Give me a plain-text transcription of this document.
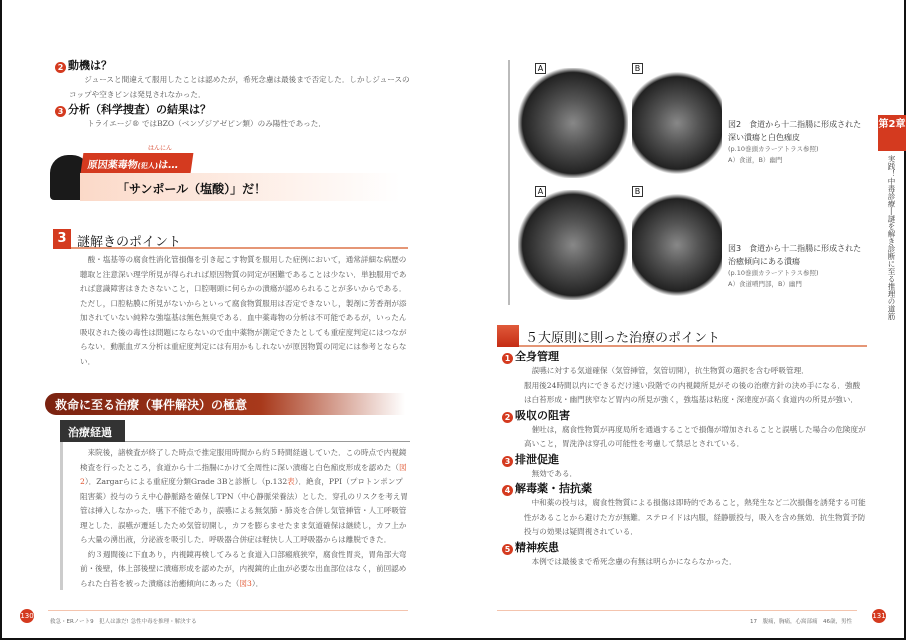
2 動機は？
ジュースと間違えて服用したことは認めたが，希死念慮は最後まで否定した．しかしジュースのコップや空きビンは発見されなかった．
3 分析（科学捜査）の結果は？
トライエージ® ではBZO（ベンゾジアゼピン類）のみ陽性であった．
原因薬毒物(犯人)は…
はんにん
「サンポール（塩酸）」だ！
3 謎解きのポイント
酸・塩基等の腐食性消化管損傷を引き起こす物質を服用した症例において，通常詳細な病歴の聴取と注意深い理学所見が得られれば原因物質の同定が困難であることは少ない．単独服用であれば意識障害はきたさないこと，口腔咽頭に何らかの潰瘍が認められることが多いからである．ただし，口腔粘膜に所見がないからといって腐食物質服用は否定できないし，製剤に芳香剤が添加されていない純粋な強塩基は無色無臭である．血中薬毒物の分析は不可能であるが，いったん吸収された後の毒性は問題にならないので血中薬物が測定できたとしても重症度判定にはつながらない．動脈血ガス分析は重症度判定には有用かもしれないが原因物質の同定には参考とならない．
救命に至る治療（事件解決）の極意
治療経過
来院後，諸検査が終了した時点で推定服用時間から約５時間経過していた．この時点で内視鏡検査を行ったところ，食道から十二指腸にかけて全周性に深い潰瘍と白色痂皮形成を認めた（図2）．Zargarらによる重症度分類Grade 3Bと診断し（p.132表）．絶食，PPI（プロトンポンプ阻害薬）投与のうえ中心静脈路を確保しTPN（中心静脈栄養法）とした．穿孔のリスクを考え胃管は挿入しなかった．嚥下不能であり，誤嚥による無気肺・肺炎を合併し気管挿管・人工呼吸管理とした．誤嚥が遷延したため気管切開し，カフを膨らませたまま気道確保は継続し，カフ上から大量の湧出液，分泌液を吸引した．呼吸器合併症は軽快し人工呼吸器からは離脱できた．
約３週間後に下血あり，内視鏡再検してみると食道入口部瘢痕狭窄，腐食性胃炎，胃角部大弯前・後壁，体上部後壁に潰瘍形成を認めたが，内視鏡的止血が必要な出血部位はなく，前回認められた白苔を被った潰瘍は治癒傾向にあった（図3）．
130
救急・ERノート9　犯人は誰だ! 急性中毒を推理・解決する
A	B
図2　食道から十二指腸に形成された深い潰瘍と白色痂皮
(p.10巻頭カラーアトラス参照)
A）食道，B）幽門
A	B
図3　食道から十二指腸に形成された治癒傾向にある潰瘍
(p.10巻頭カラーアトラス参照)
A）食道噴門部，B）幽門
第2章
実践！中毒診療―謎を解き診断に至る推理の道筋
５大原則に則った治療のポイント
1 全身管理
誤嚥に対する気道確保（気管挿管，気管切開），抗生物質の選択を含む呼吸管理．
服用後24時間以内にできるだけ速い段階での内視鏡所見がその後の治療方針の決め手になる．強酸は白苔形成・幽門狭窄など胃内の所見が強く，強塩基は粘度・深達度が高く食道内の所見が強い．
2 吸収の阻害
催吐は，腐食性物質が再度局所を通過することで損傷が増加されることと誤嚥した場合の危険度が高いこと，胃洗浄は穿孔の可能性を考慮して禁忌とされている．
3 排泄促進
無効である．
4 解毒薬・拮抗薬
中和薬の投与は，腐食性物質による損傷は即時的であること，熱発生など二次損傷を誘発する可能性があることから避けた方が無難．ステロイドは内服，経静脈投与，吸入を含め無効．抗生物質予防投与の効果は疑問視されている．
5 精神疾患
本例では最後まで希死念慮の有無は明らかにならなかった．
131
17　腹痛，胸痛，心窩部痛　46歳，男性
